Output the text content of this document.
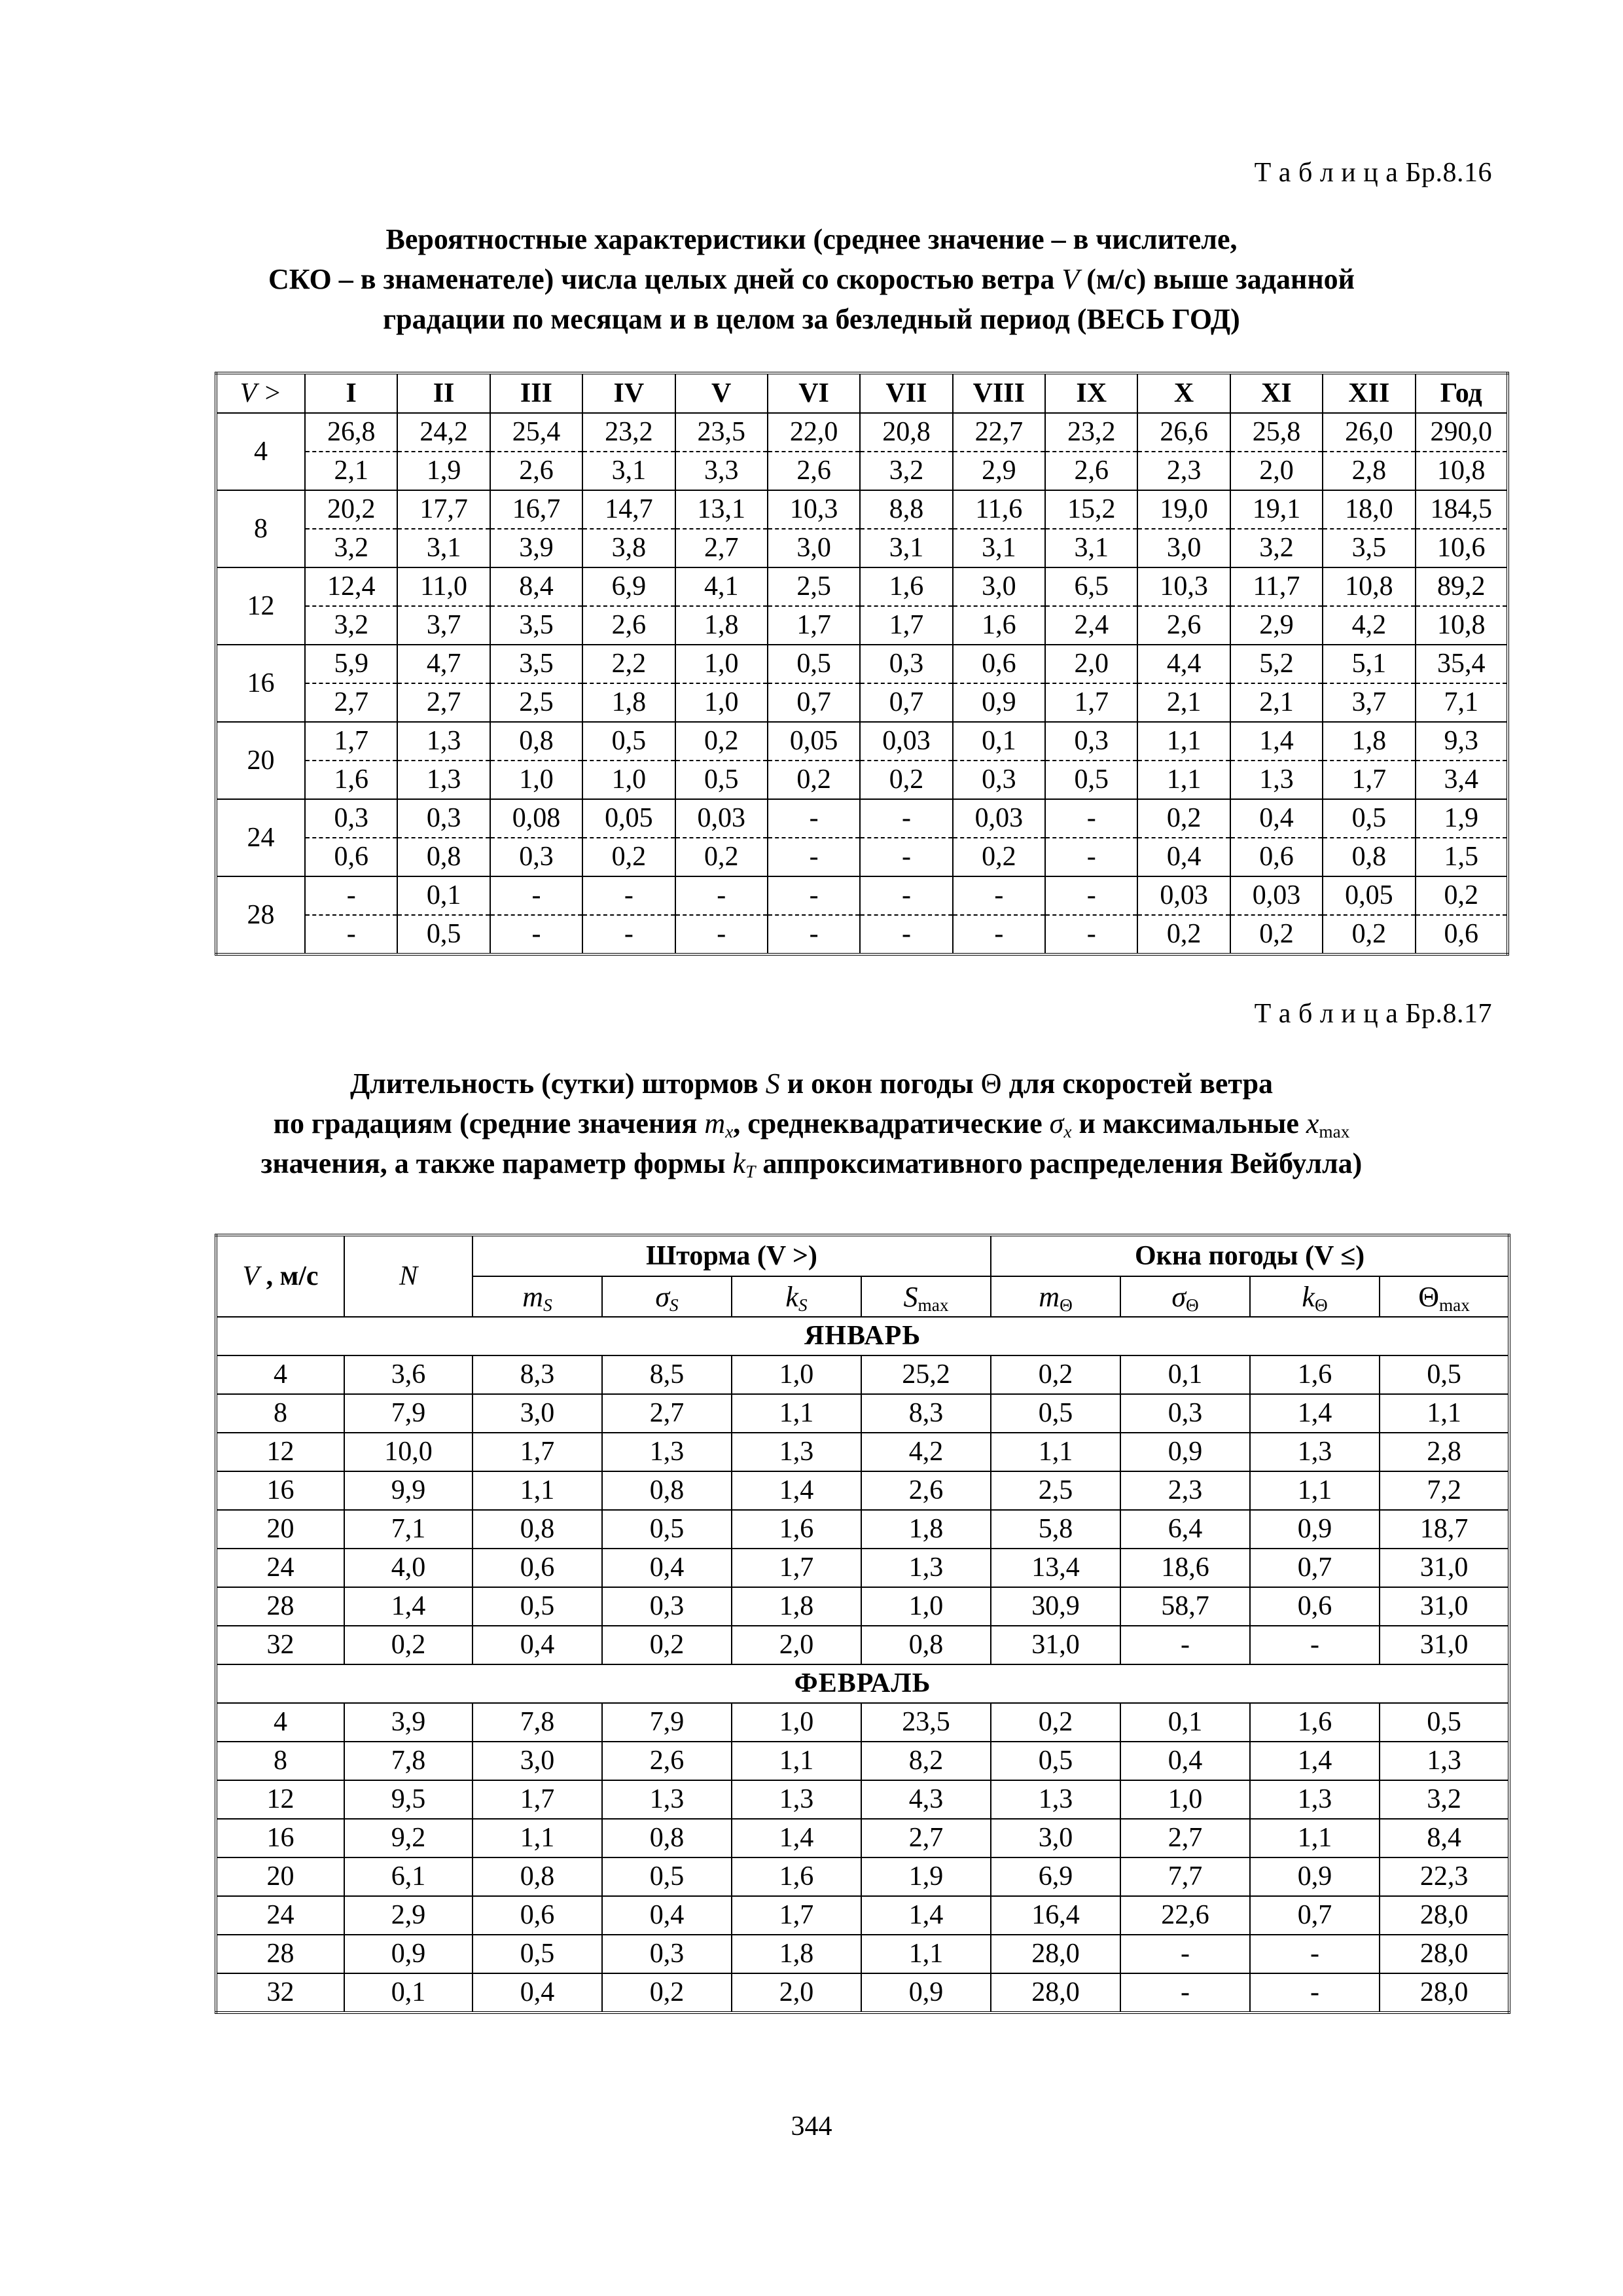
Т а б л и ц а Бр.8.16
Вероятностные характеристики (среднее значение – в числителе,
СКО – в знаменателе) числа целых дней со скоростью ветра V (м/с) выше заданной
градации по месяцам и в целом за безледный период (ВЕСЬ ГОД)
V >	I	II	III	IV	V	VI	VII	VIII	IX	X	XI	XII	Год
4	26,8	24,2	25,4	23,2	23,5	22,0	20,8	22,7	23,2	26,6	25,8	26,0	290,0
	2,1	1,9	2,6	3,1	3,3	2,6	3,2	2,9	2,6	2,3	2,0	2,8	10,8
8	20,2	17,7	16,7	14,7	13,1	10,3	8,8	11,6	15,2	19,0	19,1	18,0	184,5
	3,2	3,1	3,9	3,8	2,7	3,0	3,1	3,1	3,1	3,0	3,2	3,5	10,6
12	12,4	11,0	8,4	6,9	4,1	2,5	1,6	3,0	6,5	10,3	11,7	10,8	89,2
	3,2	3,7	3,5	2,6	1,8	1,7	1,7	1,6	2,4	2,6	2,9	4,2	10,8
16	5,9	4,7	3,5	2,2	1,0	0,5	0,3	0,6	2,0	4,4	5,2	5,1	35,4
	2,7	2,7	2,5	1,8	1,0	0,7	0,7	0,9	1,7	2,1	2,1	3,7	7,1
20	1,7	1,3	0,8	0,5	0,2	0,05	0,03	0,1	0,3	1,1	1,4	1,8	9,3
	1,6	1,3	1,0	1,0	0,5	0,2	0,2	0,3	0,5	1,1	1,3	1,7	3,4
24	0,3	0,3	0,08	0,05	0,03	-	-	0,03	-	0,2	0,4	0,5	1,9
	0,6	0,8	0,3	0,2	0,2	-	-	0,2	-	0,4	0,6	0,8	1,5
28	-	0,1	-	-	-	-	-	-	-	0,03	0,03	0,05	0,2
	-	0,5	-	-	-	-	-	-	-	0,2	0,2	0,2	0,6
Т а б л и ц а Бр.8.17
Длительность (сутки) штормов S и окон погоды Θ для скоростей ветра
по градациям (средние значения $m_x$, среднеквадратические $\sigma_x$ и максимальные $x_{max}$
значения, а также параметр формы $k_T$ аппроксимативного распределения Вейбулла)
V , м/с	N	Шторма (V >)				Окна погоды (V ≤)			
		$m_S$	$\sigma_S$	$k_S$	$S_{max}$	$m_\Theta$	$\sigma_\Theta$	$k_\Theta$	$\Theta_{max}$
ЯНВАРЬ									
4	3,6	8,3	8,5	1,0	25,2	0,2	0,1	1,6	0,5
8	7,9	3,0	2,7	1,1	8,3	0,5	0,3	1,4	1,1
12	10,0	1,7	1,3	1,3	4,2	1,1	0,9	1,3	2,8
16	9,9	1,1	0,8	1,4	2,6	2,5	2,3	1,1	7,2
20	7,1	0,8	0,5	1,6	1,8	5,8	6,4	0,9	18,7
24	4,0	0,6	0,4	1,7	1,3	13,4	18,6	0,7	31,0
28	1,4	0,5	0,3	1,8	1,0	30,9	58,7	0,6	31,0
32	0,2	0,4	0,2	2,0	0,8	31,0	-	-	31,0
ФЕВРАЛЬ									
4	3,9	7,8	7,9	1,0	23,5	0,2	0,1	1,6	0,5
8	7,8	3,0	2,6	1,1	8,2	0,5	0,4	1,4	1,3
12	9,5	1,7	1,3	1,3	4,3	1,3	1,0	1,3	3,2
16	9,2	1,1	0,8	1,4	2,7	3,0	2,7	1,1	8,4
20	6,1	0,8	0,5	1,6	1,9	6,9	7,7	0,9	22,3
24	2,9	0,6	0,4	1,7	1,4	16,4	22,6	0,7	28,0
28	0,9	0,5	0,3	1,8	1,1	28,0	-	-	28,0
32	0,1	0,4	0,2	2,0	0,9	28,0	-	-	28,0
344
